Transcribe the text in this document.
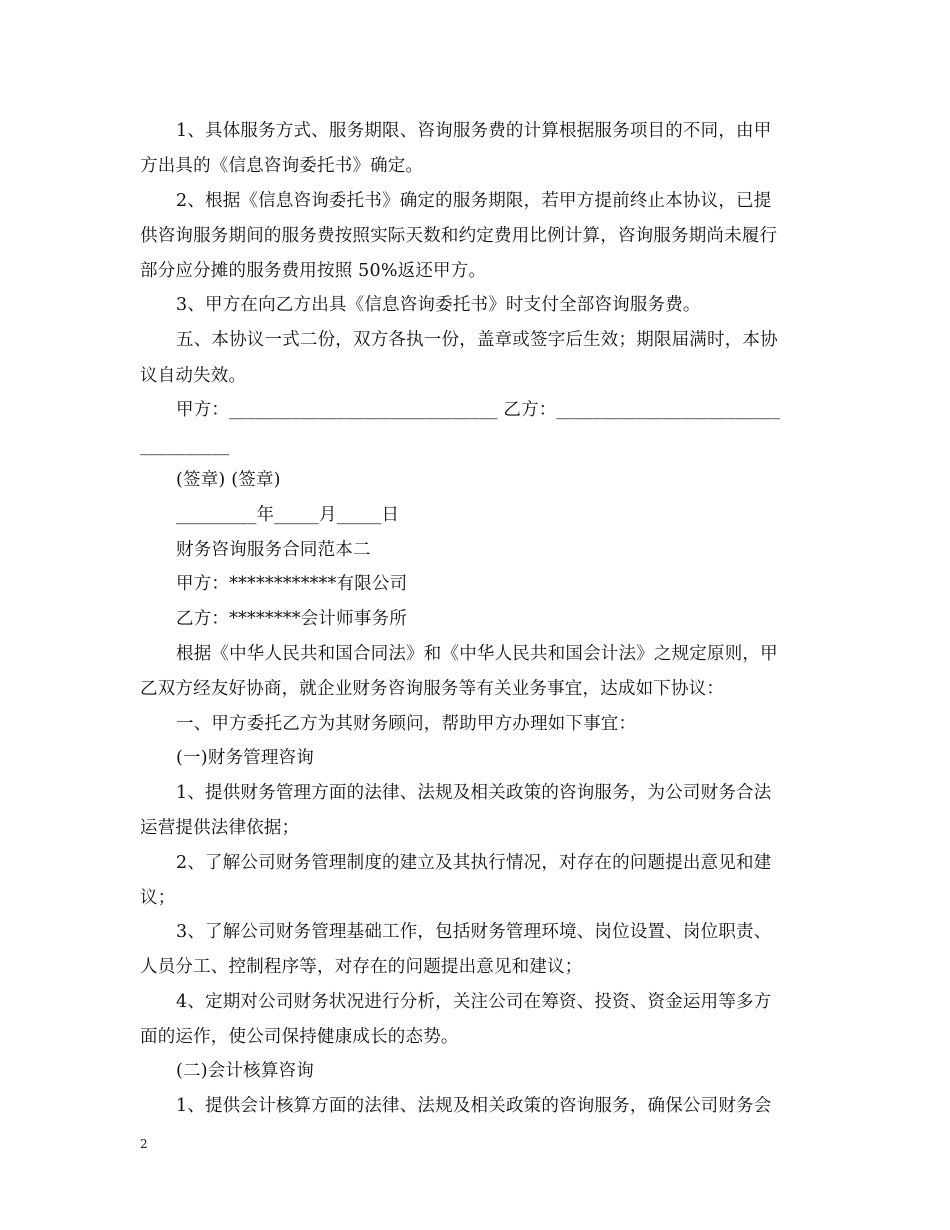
1、具体服务方式、服务期限、咨询服务费的计算根据服务项目的不同，由甲
方出具的《信息咨询委托书》确定。
2、根据《信息咨询委托书》确定的服务期限，若甲方提前终止本协议，已提
供咨询服务期间的服务费按照实际天数和约定费用比例计算，咨询服务期尚未履行
部分应分摊的服务费用按照 50%返还甲方。
3、甲方在向乙方出具《信息咨询委托书》时支付全部咨询服务费。
五、本协议一式二份，双方各执一份，盖章或签字后生效；期限届满时，本协
议自动失效。
甲方：______________________________ 乙方：_________________________
__________
(签章) (签章)
_________年_____月_____日
财务咨询服务合同范本二
甲方：************有限公司
乙方：********会计师事务所
根据《中华人民共和国合同法》和《中华人民共和国会计法》之规定原则，甲
乙双方经友好协商，就企业财务咨询服务等有关业务事宜，达成如下协议：
一、甲方委托乙方为其财务顾问，帮助甲方办理如下事宜：
(一)财务管理咨询
1、提供财务管理方面的法律、法规及相关政策的咨询服务，为公司财务合法
运营提供法律依据；
2、了解公司财务管理制度的建立及其执行情况，对存在的问题提出意见和建
议；
3、了解公司财务管理基础工作，包括财务管理环境、岗位设置、岗位职责、
人员分工、控制程序等，对存在的问题提出意见和建议；
4、定期对公司财务状况进行分析，关注公司在筹资、投资、资金运用等多方
面的运作，使公司保持健康成长的态势。
(二)会计核算咨询
1、提供会计核算方面的法律、法规及相关政策的咨询服务，确保公司财务会
2
